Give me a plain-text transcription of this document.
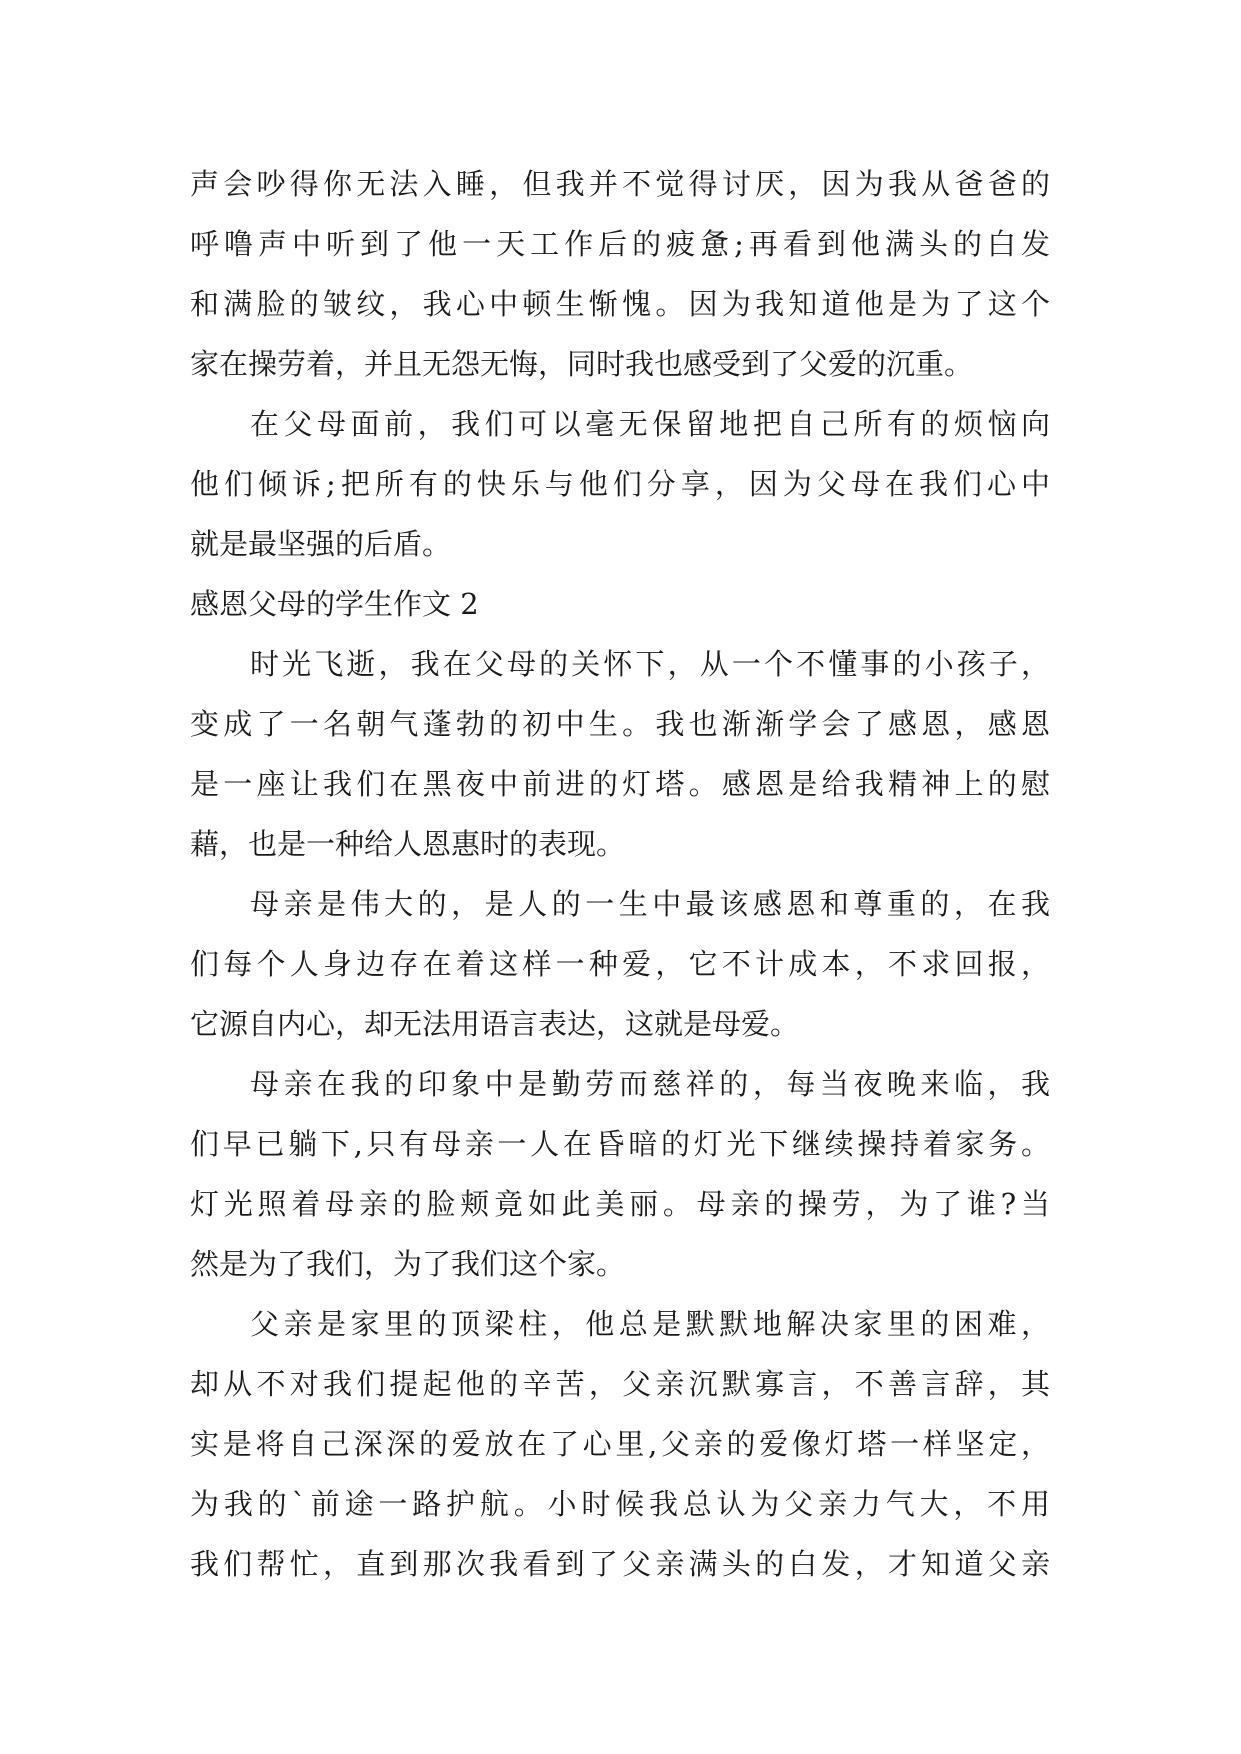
声会吵得你无法入睡，但我并不觉得讨厌，因为我从爸爸的
呼噜声中听到了他一天工作后的疲惫;再看到他满头的白发
和满脸的皱纹，我心中顿生惭愧。因为我知道他是为了这个
家在操劳着，并且无怨无悔，同时我也感受到了父爱的沉重。
在父母面前，我们可以毫无保留地把自己所有的烦恼向
他们倾诉;把所有的快乐与他们分享，因为父母在我们心中
就是最坚强的后盾。
感恩父母的学生作文 2
时光飞逝，我在父母的关怀下，从一个不懂事的小孩子，
变成了一名朝气蓬勃的初中生。我也渐渐学会了感恩，感恩
是一座让我们在黑夜中前进的灯塔。感恩是给我精神上的慰
藉，也是一种给人恩惠时的表现。
母亲是伟大的，是人的一生中最该感恩和尊重的，在我
们每个人身边存在着这样一种爱，它不计成本，不求回报，
它源自内心，却无法用语言表达，这就是母爱。
母亲在我的印象中是勤劳而慈祥的，每当夜晚来临，我
们早已躺下,只有母亲一人在昏暗的灯光下继续操持着家务。
灯光照着母亲的脸颊竟如此美丽。母亲的操劳，为了谁?当
然是为了我们，为了我们这个家。
父亲是家里的顶梁柱，他总是默默地解决家里的困难，
却从不对我们提起他的辛苦，父亲沉默寡言，不善言辞，其
实是将自己深深的爱放在了心里,父亲的爱像灯塔一样坚定，
为我的`前途一路护航。小时候我总认为父亲力气大，不用
我们帮忙，直到那次我看到了父亲满头的白发，才知道父亲
